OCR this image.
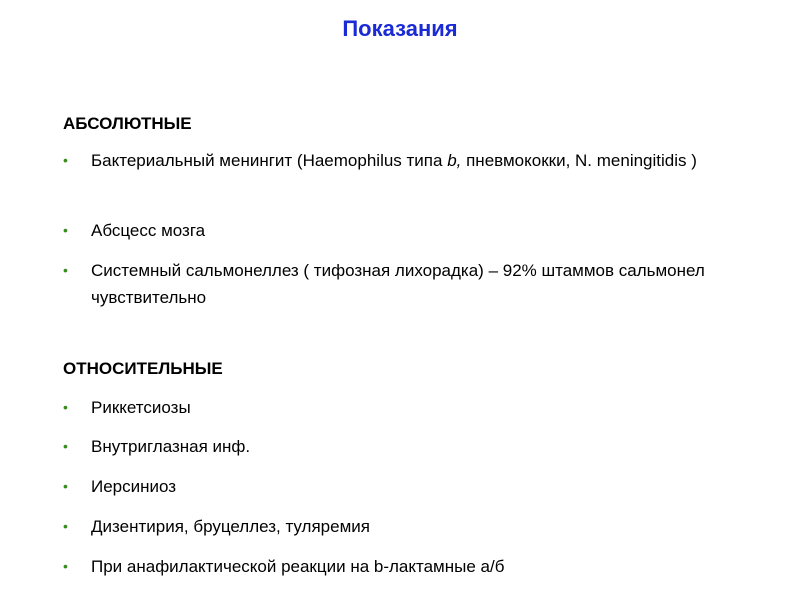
Показания
АБСОЛЮТНЫЕ
•	Бактериальный менингит (Haemophilus типа b, пневмококки, N. meningitidis )
•	Абсцесс мозга
•	Системный сальмонеллез ( тифозная лихорадка) – 92% штаммов сальмонел чувствительно
ОТНОСИТЕЛЬНЫЕ
•	Риккетсиозы
•	Внутриглазная инф.
•	Иерсиниоз
•	Дизентирия, бруцеллез, туляремия
•	При анафилактической реакции на b-лактамные а/б
